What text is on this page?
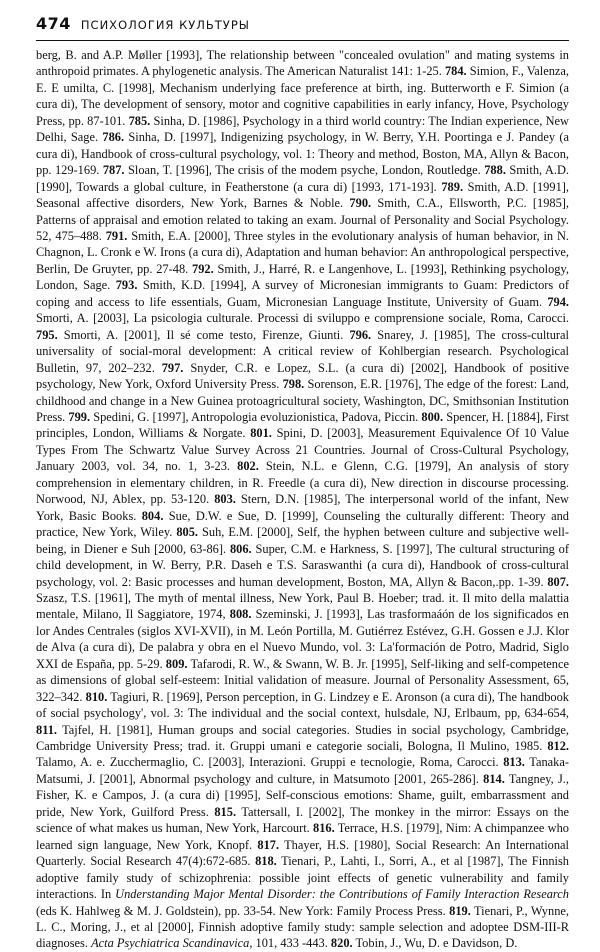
474 ПСИХОЛОГИЯ КУЛЬТУРЫ

berg, B. and A.P. Møller [1993], The relationship between "concealed ovulation" and mating systems in anthropoid primates. A phylogenetic analysis. The American Naturalist 141: 1-25. 784. Simion, F., Valenza, E. E umilta, C. [1998], Mechanism underlying face preference at birth, ing. Butterworth e F. Simion (a cura di), The development of sensory, motor and cognitive capabilities in early infancy, Hove, Psychology Press, pp. 87-101. 785. Sinha, D. [1986], Psychology in a third world country: The Indian experience, New Delhi, Sage. 786. Sinha, D. [1997], Indigenizing psychology, in W. Berry, Y.H. Poortinga e J. Pandey (a cura di), Handbook of cross-cultural psychology, vol. 1: Theory and method, Boston, MA, Allyn & Bacon, pp. 129-169. 787. Sloan, T. [1996], The crisis of the modem psyche, London, Routledge. 788. Smith, A.D. [1990], Towards a global culture, in Featherstone (a cura di) [1993, 171-193]. 789. Smith, A.D. [1991], Seasonal affective disorders, New York, Barnes & Noble. 790. Smith, C.A., Ellsworth, P.C. [1985], Patterns of appraisal and emotion related to taking an exam. Journal of Personality and Social Psychology. 52, 475–488. 791. Smith, E.A. [2000], Three styles in the evolutionary analysis of human behavior, in N. Chagnon, L. Cronk e W. Irons (a cura di), Adaptation and human behavior: An anthropological perspective, Berlin, De Gruyter, pp. 27-48. 792. Smith, J., Harré, R. e Langenhove, L. [1993], Rethinking psychology, London, Sage. 793. Smith, K.D. [1994], A survey of Micronesian immigrants to Guam: Predictors of coping and access to life essentials, Guam, Micronesian Language Institute, University of Guam. 794. Smorti, A. [2003], La psicologia culturale. Processi di sviluppo e comprensione sociale, Roma, Carocci. 795. Smorti, A. [2001], Il sé come testo, Firenze, Giunti. 796. Snarey, J. [1985], The cross-cultural universality of social-moral development: A critical review of Kohlbergian research. Psychological Bulletin, 97, 202–232. 797. Snyder, C.R. e Lopez, S.L. (a cura di) [2002], Handbook of positive psychology, New York, Oxford University Press. 798. Sorenson, E.R. [1976], The edge of the forest: Land, childhood and change in a New Guinea protoagricultural society, Washington, DC, Smithsonian Institution Press. 799. Spedini, G. [1997], Antropologia evoluzionistica, Padova, Piccin. 800. Spencer, H. [1884], First principles, London, Williams & Norgate. 801. Spini, D. [2003], Measurement Equivalence Of 10 Value Types From The Schwartz Value Survey Across 21 Countries. Journal of Cross-Cultural Psychology, January 2003, vol. 34, no. 1, 3-23. 802. Stein, N.L. e Glenn, C.G. [1979], An analysis of story comprehension in elementary children, in R. Freedle (a cura di), New direction in discourse processing. Norwood, NJ, Ablex, pp. 53-120. 803. Stern, D.N. [1985], The interpersonal world of the infant, New York, Basic Books. 804. Sue, D.W. e Sue, D. [1999], Counseling the culturally different: Theory and practice, New York, Wiley. 805. Suh, E.M. [2000], Self, the hyphen between culture and subjective well-being, in Diener e Suh [2000, 63-86]. 806. Super, C.M. e Harkness, S. [1997], The cultural structuring of child development, in W. Berry, P.R. Daseh e T.S. Saraswanthi (a cura di), Handbook of cross-cultural psychology, vol. 2: Basic processes and human development, Boston, MA, Allyn & Bacon,.pp. 1-39. 807. Szasz, T.S. [1961], The myth of mental illness, New York, Paul B. Hoeber; trad. it. Il mito della malattia mentale, Milano, Il Saggiatore, 1974, 808. Szeminski, J. [1993], Las trasformaáón de los significados en lor Andes Centrales (siglos XVI-XVII), in M. León Portilla, M. Gutiérrez Estévez, G.H. Gossen e J.J. Klor de Alva (a cura di), De palabra y obra en el Nuevo Mundo, vol. 3: La'formación de Potro, Madrid, Siglo XXI de España, pp. 5-29. 809. Tafarodi, R. W., & Swann, W. B. Jr. [1995], Self-liking and self-competence as dimensions of global self-esteem: Initial validation of measure. Journal of Personality Assessment, 65, 322–342. 810. Tagiuri, R. [1969], Person perception, in G. Lindzey e E. Aronson (a cura di), The handbook of social psychology', vol. 3: The individual and the social context, hulsdale, NJ, Erlbaum, pp, 634-654, 811. Tajfel, H. [1981], Human groups and social categories. Studies in social psychology, Cambridge, Cambridge University Press; trad. it. Gruppi umani e categorie sociali, Bologna, Il Mulino, 1985. 812. Talamo, A. e. Zucchermaglio, C. [2003], Interazioni. Gruppi e tecnologie, Roma, Carocci. 813. Tanaka-Matsumi, J. [2001], Abnormal psychology and culture, in Matsumoto [2001, 265-286]. 814. Tangney, J., Fisher, K. e Campos, J. (a cura di) [1995], Self-conscious emotions: Shame, guilt, embarrassment and pride, New York, Guilford Press. 815. Tattersall, I. [2002], The monkey in the mirror: Essays on the science of what makes us human, New York, Harcourt. 816. Terrace, H.S. [1979], Nim: A chimpanzee who learned sign language, New York, Knopf. 817. Thayer, H.S. [1980], Social Research: An International Quarterly. Social Research 47(4):672-685. 818. Tienari, P., Lahti, I., Sorri, A., et al [1987], The Finnish adoptive family study of schizophrenia: possible joint effects of genetic vulnerability and family interactions. In Understanding Major Mental Disorder: the Contributions of Family Interaction Research (eds K. Hahlweg & M. J. Goldstein), pp. 33-54. New York: Family Process Press. 819. Tienari, P., Wynne, L. C., Moring, J., et al [2000], Finnish adoptive family study: sample selection and adoptee DSM-III-R diagnoses. Acta Psychiatrica Scandinavica, 101, 433 -443. 820. Tobin, J., Wu, D. e Davidson, D.
